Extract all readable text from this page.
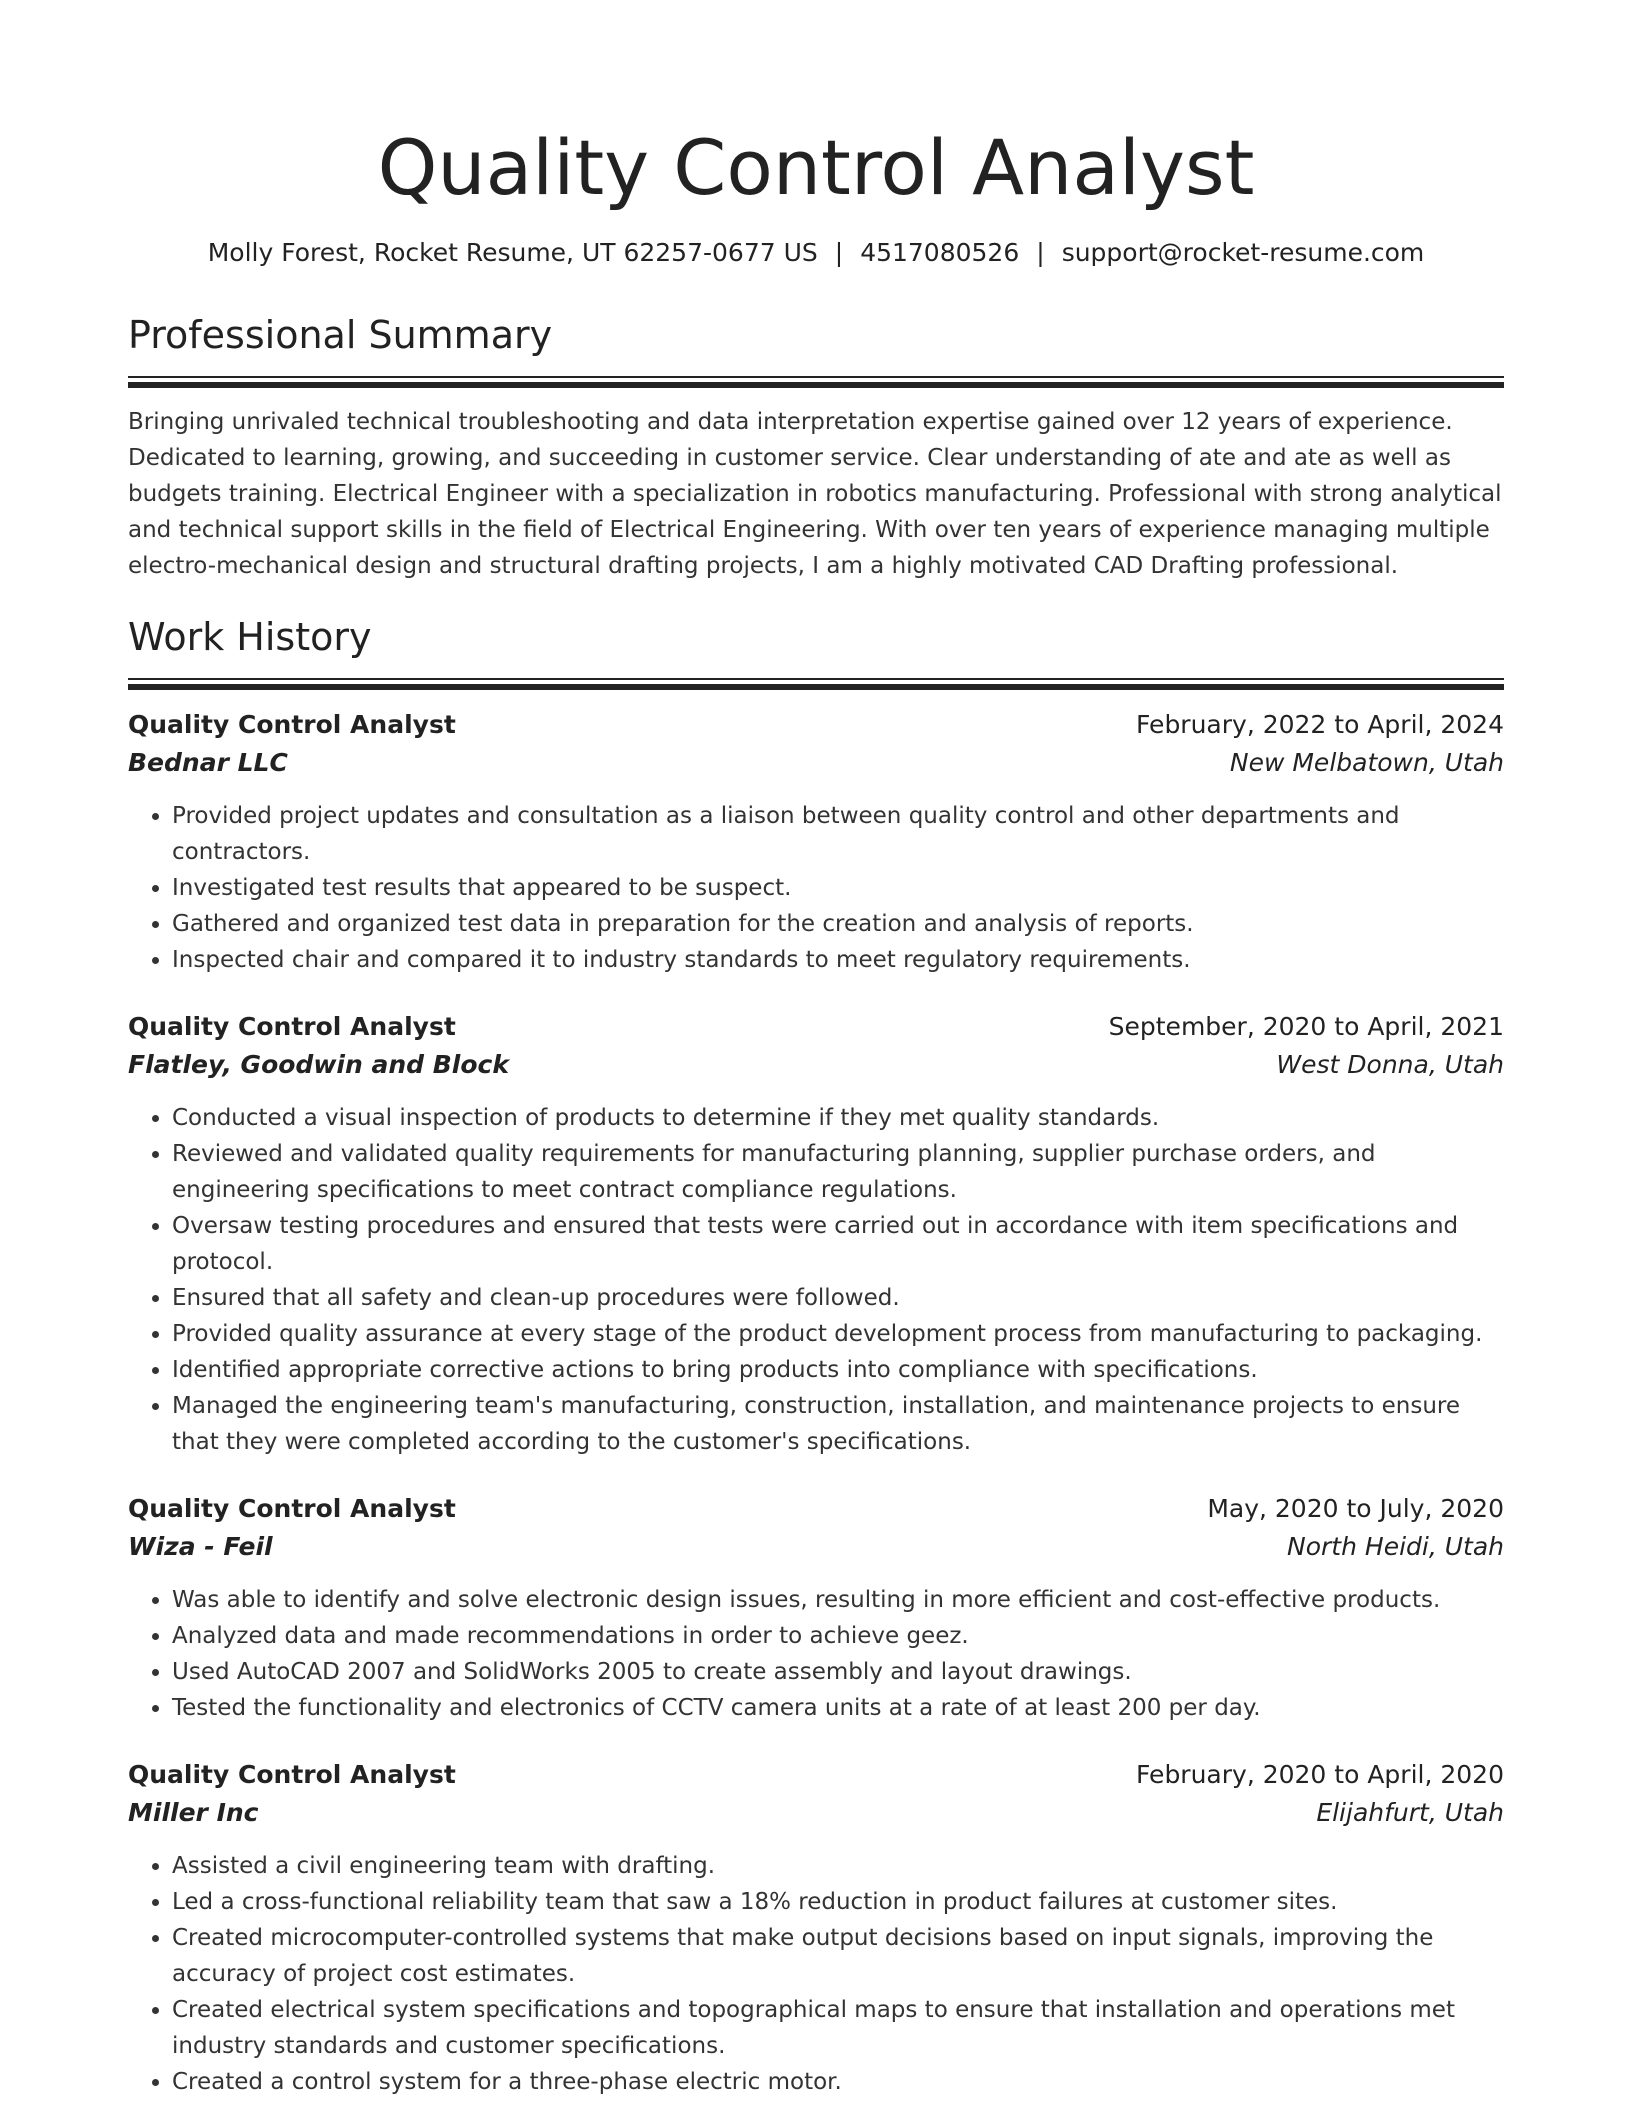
Quality Control Analyst
Molly Forest, Rocket Resume, UT 62257-0677 US | 4517080526 | support@rocket-resume.com
Professional Summary
Bringing unrivaled technical troubleshooting and data interpretation expertise gained over 12 years of experience. Dedicated to learning, growing, and succeeding in customer service. Clear understanding of ate and ate as well as budgets training. Electrical Engineer with a specialization in robotics manufacturing. Professional with strong analytical and technical support skills in the field of Electrical Engineering. With over ten years of experience managing multiple electro-mechanical design and structural drafting projects, I am a highly motivated CAD Drafting professional.
Work History
Quality Control Analyst	February, 2022 to April, 2024
Bednar LLC	New Melbatown, Utah
• Provided project updates and consultation as a liaison between quality control and other departments and contractors.
• Investigated test results that appeared to be suspect.
• Gathered and organized test data in preparation for the creation and analysis of reports.
• Inspected chair and compared it to industry standards to meet regulatory requirements.
Quality Control Analyst	September, 2020 to April, 2021
Flatley, Goodwin and Block	West Donna, Utah
• Conducted a visual inspection of products to determine if they met quality standards.
• Reviewed and validated quality requirements for manufacturing planning, supplier purchase orders, and engineering specifications to meet contract compliance regulations.
• Oversaw testing procedures and ensured that tests were carried out in accordance with item specifications and protocol.
• Ensured that all safety and clean-up procedures were followed.
• Provided quality assurance at every stage of the product development process from manufacturing to packaging.
• Identified appropriate corrective actions to bring products into compliance with specifications.
• Managed the engineering team's manufacturing, construction, installation, and maintenance projects to ensure that they were completed according to the customer's specifications.
Quality Control Analyst	May, 2020 to July, 2020
Wiza - Feil	North Heidi, Utah
• Was able to identify and solve electronic design issues, resulting in more efficient and cost-effective products.
• Analyzed data and made recommendations in order to achieve geez.
• Used AutoCAD 2007 and SolidWorks 2005 to create assembly and layout drawings.
• Tested the functionality and electronics of CCTV camera units at a rate of at least 200 per day.
Quality Control Analyst	February, 2020 to April, 2020
Miller Inc	Elijahfurt, Utah
• Assisted a civil engineering team with drafting.
• Led a cross-functional reliability team that saw a 18% reduction in product failures at customer sites.
• Created microcomputer-controlled systems that make output decisions based on input signals, improving the accuracy of project cost estimates.
• Created electrical system specifications and topographical maps to ensure that installation and operations met industry standards and customer specifications.
• Created a control system for a three-phase electric motor.
